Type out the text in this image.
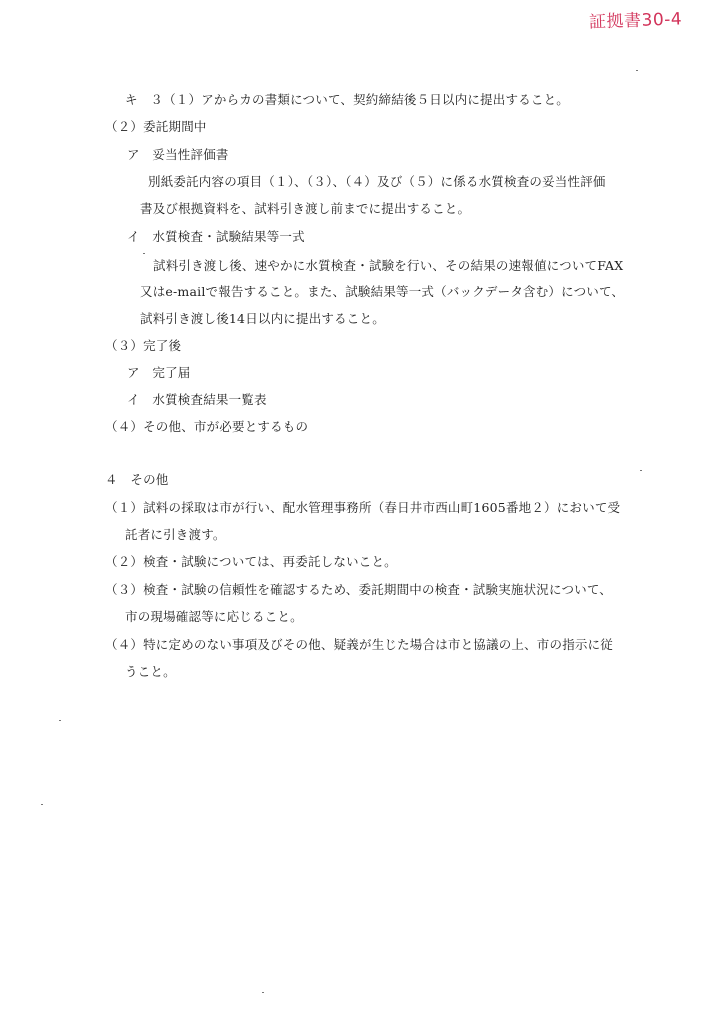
証拠書30-4
キ　３（１）アからカの書類について、契約締結後５日以内に提出すること。
（２）委託期間中
ア　妥当性評価書
別紙委託内容の項目（１）、（３）、（４）及び（５）に係る水質検査の妥当性評価
書及び根拠資料を、試料引き渡し前までに提出すること。
イ　水質検査・試験結果等一式
試料引き渡し後、速やかに水質検査・試験を行い、その結果の速報値についてFAX
又はe-mailで報告すること。また、試験結果等一式（バックデータ含む）について、
試料引き渡し後14日以内に提出すること。
（３）完了後
ア　完了届
イ　水質検査結果一覧表
（４）その他、市が必要とするもの
４　その他
（１）試料の採取は市が行い、配水管理事務所（春日井市西山町1605番地２）において受
託者に引き渡す。
（２）検査・試験については、再委託しないこと。
（３）検査・試験の信頼性を確認するため、委託期間中の検査・試験実施状況について、
市の現場確認等に応じること。
（４）特に定めのない事項及びその他、疑義が生じた場合は市と協議の上、市の指示に従
うこと。
